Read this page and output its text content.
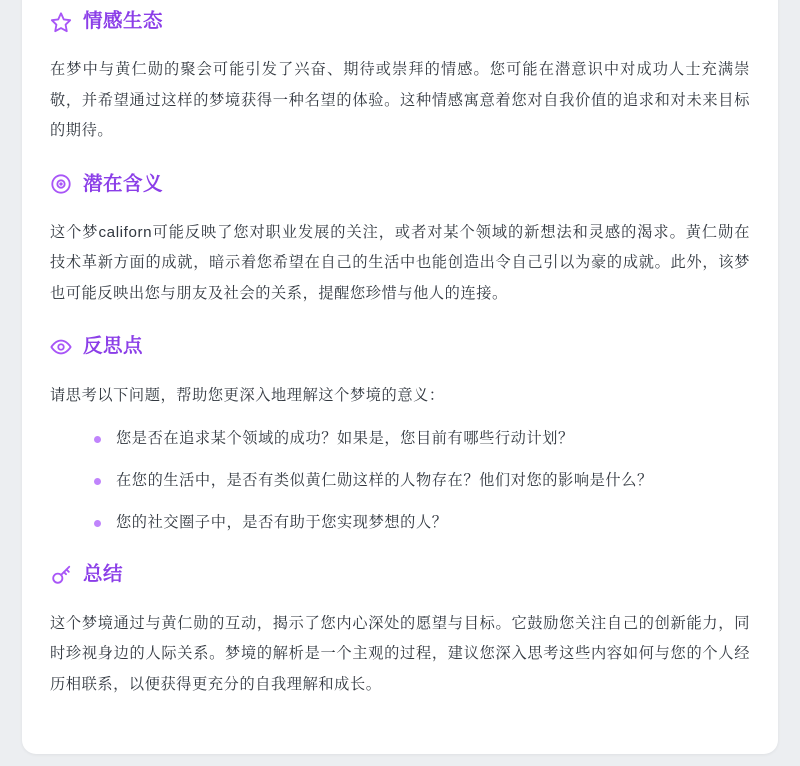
情感生态

在梦中与黄仁勋的聚会可能引发了兴奋、期待或崇拜的情感。您可能在潜意识中对成功人士充满崇敬，并希望通过这样的梦境获得一种名望的体验。这种情感寓意着您对自我价值的追求和对未来目标的期待。

潜在含义

这个梦californ可能反映了您对职业发展的关注，或者对某个领域的新想法和灵感的渴求。黄仁勋在技术革新方面的成就，暗示着您希望在自己的生活中也能创造出令自己引以为豪的成就。此外，该梦也可能反映出您与朋友及社会的关系，提醒您珍惜与他人的连接。

反思点

请思考以下问题，帮助您更深入地理解这个梦境的意义：

您是否在追求某个领域的成功？如果是，您目前有哪些行动计划？
在您的生活中，是否有类似黄仁勋这样的人物存在？他们对您的影响是什么？
您的社交圈子中，是否有助于您实现梦想的人？
总结

这个梦境通过与黄仁勋的互动，揭示了您内心深处的愿望与目标。它鼓励您关注自己的创新能力，同时珍视身边的人际关系。梦境的解析是一个主观的过程，建议您深入思考这些内容如何与您的个人经历相联系，以便获得更充分的自我理解和成长。
